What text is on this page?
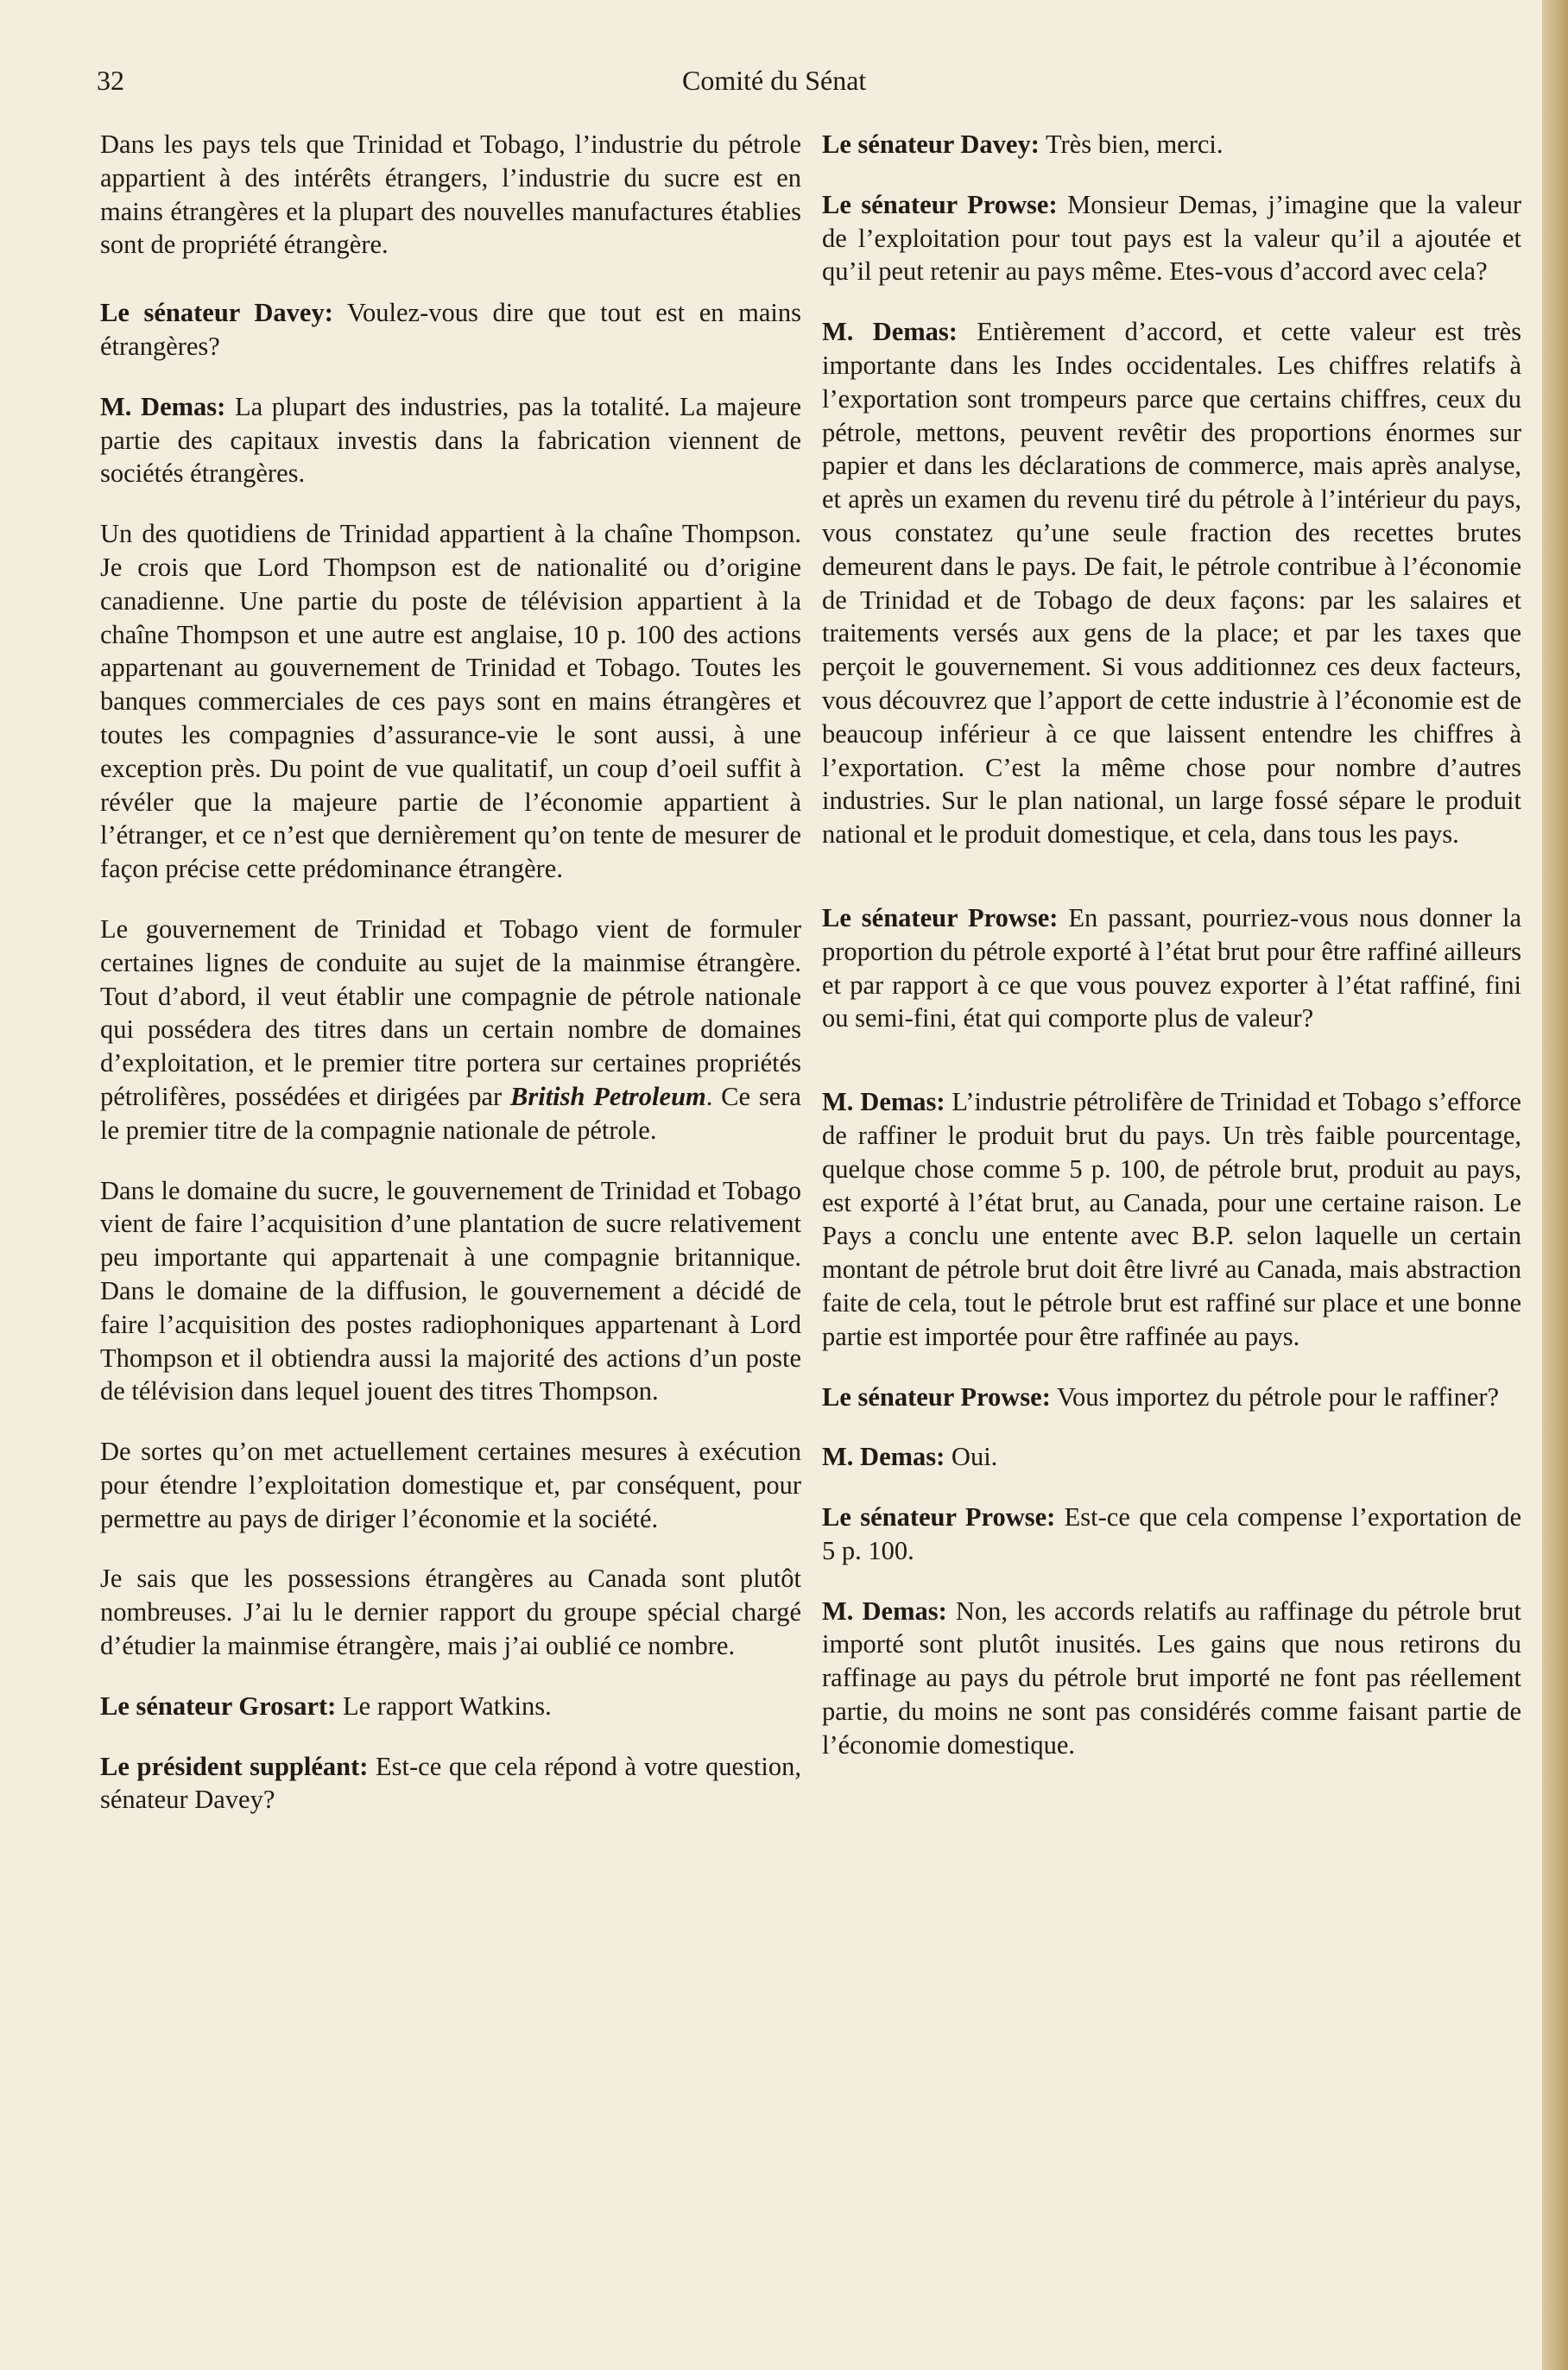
32	Comité du Sénat

Dans les pays tels que Trinidad et Tobago, l’industrie du pétrole appartient à des intérêts étrangers, l’industrie du sucre est en mains étrangères et la plupart des nouvelles manufactures établies sont de propriété étrangère.

Le sénateur Davey: Voulez-vous dire que tout est en mains étrangères?

M. Demas: La plupart des industries, pas la totalité. La majeure partie des capitaux investis dans la fabrication viennent de sociétés étrangères.

Un des quotidiens de Trinidad appartient à la chaîne Thompson. Je crois que Lord Thompson est de nationalité ou d’origine canadienne. Une partie du poste de télévision appartient à la chaîne Thompson et une autre est anglaise, 10 p. 100 des actions appartenant au gouvernement de Trinidad et Tobago. Toutes les banques commerciales de ces pays sont en mains étrangères et toutes les compagnies d’assurance-vie le sont aussi, à une exception près. Du point de vue qualitatif, un coup d’oeil suffit à révéler que la majeure partie de l’économie appartient à l’étranger, et ce n’est que dernièrement qu’on tente de mesurer de façon précise cette prédominance étrangère.

Le gouvernement de Trinidad et Tobago vient de formuler certaines lignes de conduite au sujet de la mainmise étrangère. Tout d’abord, il veut établir une compagnie de pétrole nationale qui possédera des titres dans un certain nombre de domaines d’exploitation, et le premier titre portera sur certaines propriétés pétrolifères, possédées et dirigées par British Petroleum. Ce sera le premier titre de la compagnie nationale de pétrole.

Dans le domaine du sucre, le gouvernement de Trinidad et Tobago vient de faire l’acquisition d’une plantation de sucre relativement peu importante qui appartenait à une compagnie britannique. Dans le domaine de la diffusion, le gouvernement a décidé de faire l’acquisition des postes radiophoniques appartenant à Lord Thompson et il obtiendra aussi la majorité des actions d’un poste de télévision dans lequel jouent des titres Thompson.

De sortes qu’on met actuellement certaines mesures à exécution pour étendre l’exploitation domestique et, par conséquent, pour permettre au pays de diriger l’économie et la société.

Je sais que les possessions étrangères au Canada sont plutôt nombreuses. J’ai lu le dernier rapport du groupe spécial chargé d’étudier la mainmise étrangère, mais j’ai oublié ce nombre.

Le sénateur Grosart: Le rapport Watkins.

Le président suppléant: Est-ce que cela répond à votre question, sénateur Davey?

Le sénateur Davey: Très bien, merci.

Le sénateur Prowse: Monsieur Demas, j’imagine que la valeur de l’exploitation pour tout pays est la valeur qu’il a ajoutée et qu’il peut retenir au pays même. Etes-vous d’accord avec cela?

M. Demas: Entièrement d’accord, et cette valeur est très importante dans les Indes occidentales. Les chiffres relatifs à l’exportation sont trompeurs parce que certains chiffres, ceux du pétrole, mettons, peuvent revêtir des proportions énormes sur papier et dans les déclarations de commerce, mais après analyse, et après un examen du revenu tiré du pétrole à l’intérieur du pays, vous constatez qu’une seule fraction des recettes brutes demeurent dans le pays. De fait, le pétrole contribue à l’économie de Trinidad et de Tobago de deux façons: par les salaires et traitements versés aux gens de la place; et par les taxes que perçoit le gouvernement. Si vous additionnez ces deux facteurs, vous découvrez que l’apport de cette industrie à l’économie est de beaucoup inférieur à ce que laissent entendre les chiffres à l’exportation. C’est la même chose pour nombre d’autres industries. Sur le plan national, un large fossé sépare le produit national et le produit domestique, et cela, dans tous les pays.

Le sénateur Prowse: En passant, pourriez-vous nous donner la proportion du pétrole exporté à l’état brut pour être raffiné ailleurs et par rapport à ce que vous pouvez exporter à l’état raffiné, fini ou semi-fini, état qui comporte plus de valeur?

M. Demas: L’industrie pétrolifère de Trinidad et Tobago s’efforce de raffiner le produit brut du pays. Un très faible pourcentage, quelque chose comme 5 p. 100, de pétrole brut, produit au pays, est exporté à l’état brut, au Canada, pour une certaine raison. Le Pays a conclu une entente avec B.P. selon laquelle un certain montant de pétrole brut doit être livré au Canada, mais abstraction faite de cela, tout le pétrole brut est raffiné sur place et une bonne partie est importée pour être raffinée au pays.

Le sénateur Prowse: Vous importez du pétrole pour le raffiner?

M. Demas: Oui.

Le sénateur Prowse: Est-ce que cela compense l’exportation de 5 p. 100.

M. Demas: Non, les accords relatifs au raffinage du pétrole brut importé sont plutôt inusités. Les gains que nous retirons du raffinage au pays du pétrole brut importé ne font pas réellement partie, du moins ne sont pas considérés comme faisant partie de l’économie domestique.
